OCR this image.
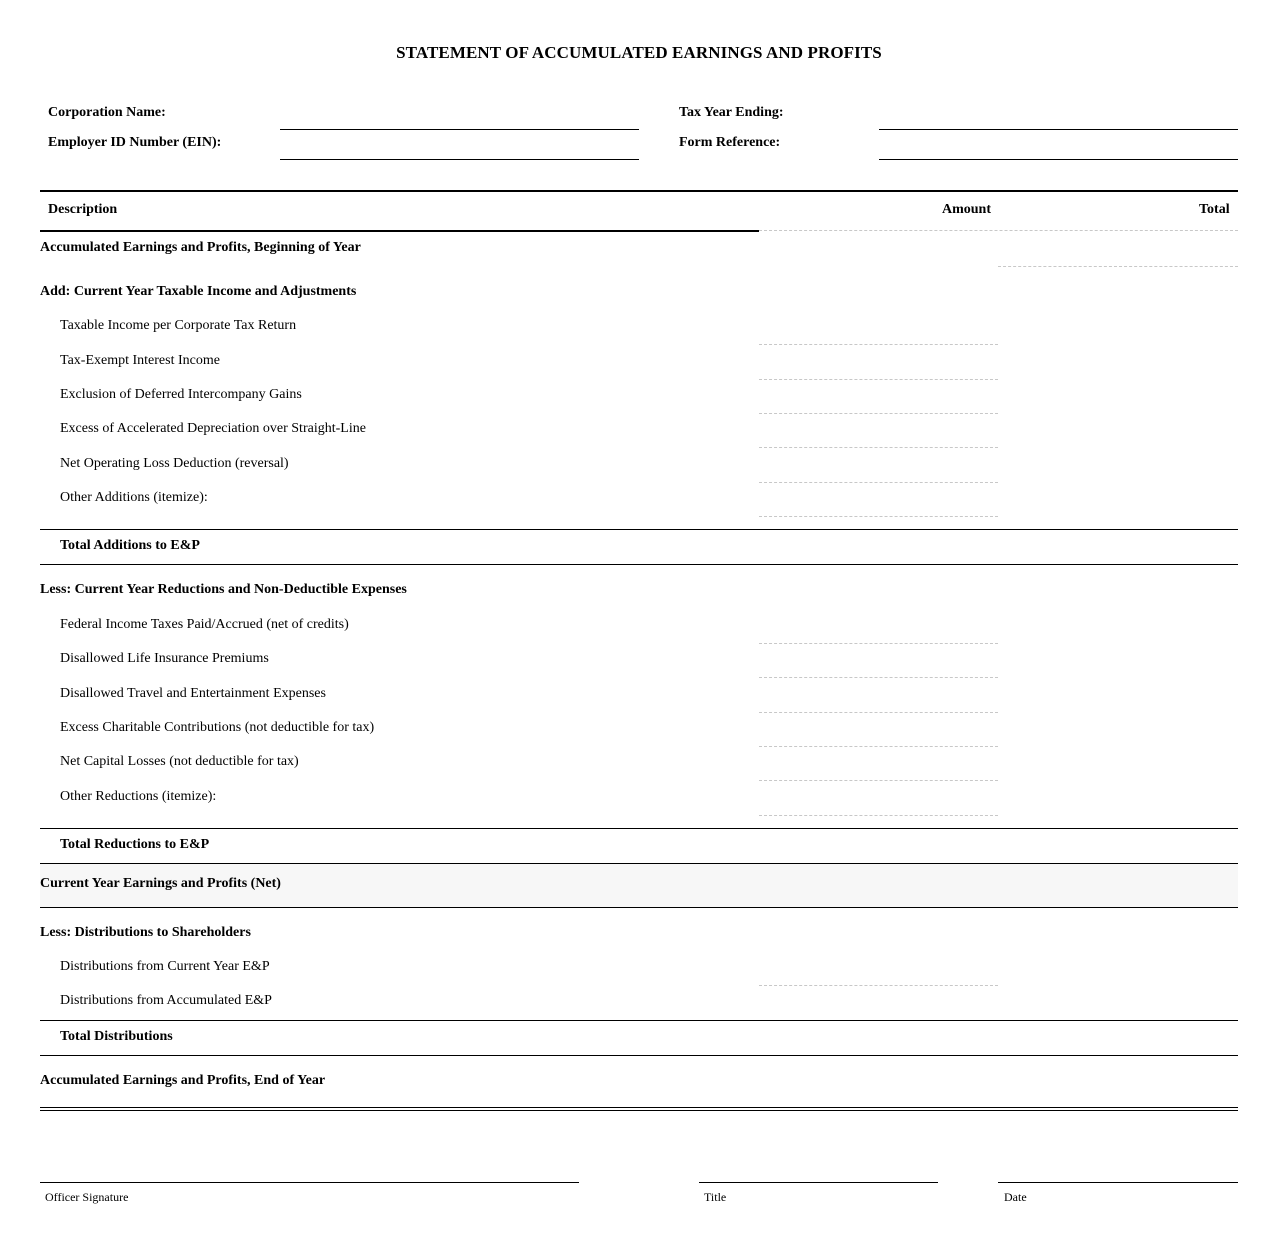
STATEMENT OF ACCUMULATED EARNINGS AND PROFITS
Corporation Name:	Tax Year Ending:
Employer ID Number (EIN):	Form Reference:
Description	Amount	Total
Accumulated Earnings and Profits, Beginning of Year
Add: Current Year Taxable Income and Adjustments
Taxable Income per Corporate Tax Return
Tax-Exempt Interest Income
Exclusion of Deferred Intercompany Gains
Excess of Accelerated Depreciation over Straight-Line
Net Operating Loss Deduction (reversal)
Other Additions (itemize):
Total Additions to E&P
Less: Current Year Reductions and Non-Deductible Expenses
Federal Income Taxes Paid/Accrued (net of credits)
Disallowed Life Insurance Premiums
Disallowed Travel and Entertainment Expenses
Excess Charitable Contributions (not deductible for tax)
Net Capital Losses (not deductible for tax)
Other Reductions (itemize):
Total Reductions to E&P
Current Year Earnings and Profits (Net)
Less: Distributions to Shareholders
Distributions from Current Year E&P
Distributions from Accumulated E&P
Total Distributions
Accumulated Earnings and Profits, End of Year
Officer Signature	Title	Date
